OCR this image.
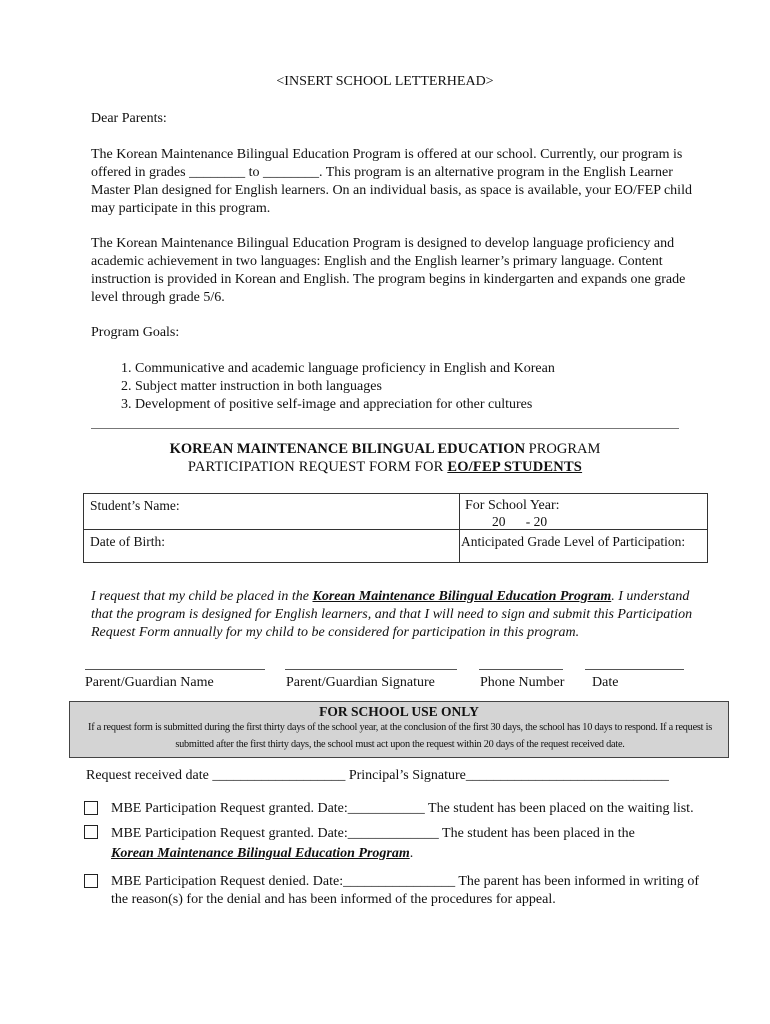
<INSERT SCHOOL LETTERHEAD>

Dear Parents:

The Korean Maintenance Bilingual Education Program is offered at our school. Currently, our program is offered in grades ________ to ________. This program is an alternative program in the English Learner Master Plan designed for English learners. On an individual basis, as space is available, your EO/FEP child may participate in this program.

The Korean Maintenance Bilingual Education Program is designed to develop language proficiency and academic achievement in two languages: English and the English learner’s primary language. Content instruction is provided in Korean and English. The program begins in kindergarten and expands one grade level through grade 5/6.

Program Goals:

1. Communicative and academic language proficiency in English and Korean
2. Subject matter instruction in both languages
3. Development of positive self-image and appreciation for other cultures
KOREAN MAINTENANCE BILINGUAL EDUCATION PROGRAM
PARTICIPATION REQUEST FORM FOR EO/FEP STUDENTS
Student’s Name:	For School Year:
20      - 20
Date of Birth:	Anticipated Grade Level of Participation:

I request that my child be placed in the Korean Maintenance Bilingual Education Program. I understand that the program is designed for English learners, and that I will need to sign and submit this Participation Request Form annually for my child to be considered for participation in this program.

Parent/Guardian Name	Parent/Guardian Signature	Phone Number Date
FOR SCHOOL USE ONLY
If a request form is submitted during the first thirty days of the school year, at the conclusion of the first 30 days, the school has 10 days to respond. If a request is submitted after the first thirty days, the school must act upon the request within 20 days of the request received date.
Request received date ___________________ Principal’s Signature_____________________________
MBE Participation Request granted. Date:___________ The student has been placed on the waiting list.
MBE Participation Request granted. Date:_____________ The student has been placed in the
Korean Maintenance Bilingual Education Program.
MBE Participation Request denied. Date:________________ The parent has been informed in writing of the reason(s) for the denial and has been informed of the procedures for appeal.
